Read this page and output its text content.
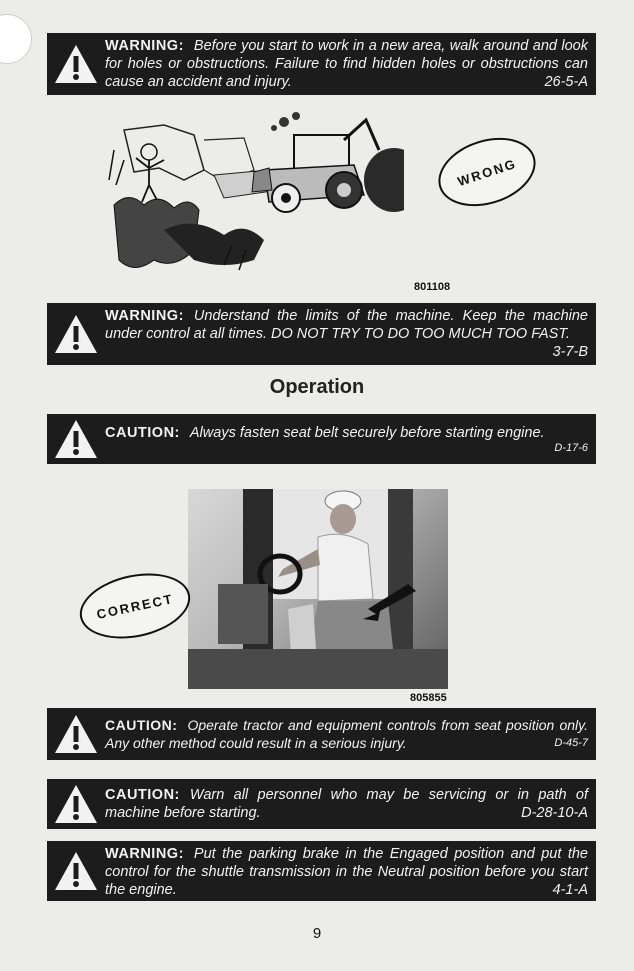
WARNING: Before you start to work in a new area, walk around and look for holes or obstructions. Failure to find hidden holes or obstructions can cause an accident and injury.	26-5-A
WRONG
801108
WARNING: Understand the limits of the machine. Keep the machine under control at all times. DO NOT TRY TO DO TOO MUCH TOO FAST.
3-7-B
Operation
CAUTION: Always fasten seat belt securely before starting engine.
D-17-6
CORRECT
805855
CAUTION: Operate tractor and equipment controls from seat position only. Any other method could result in a serious injury.	D-45-7
CAUTION: Warn all personnel who may be servicing or in path of machine before starting.	D-28-10-A
WARNING: Put the parking brake in the Engaged position and put the control for the shuttle transmission in the Neutral position before you start the engine.	4-1-A
9
